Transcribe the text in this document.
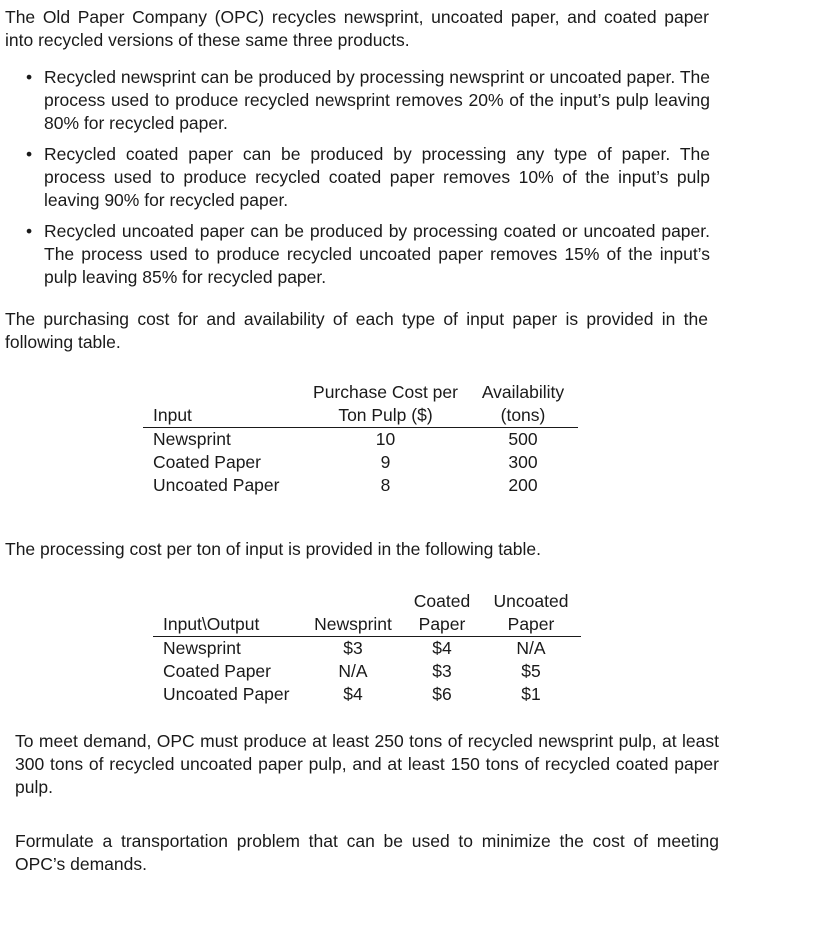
The Old Paper Company (OPC) recycles newsprint, uncoated paper, and coated paper into recycled versions of these same three products.

• Recycled newsprint can be produced by processing newsprint or uncoated paper. The process used to produce recycled newsprint removes 20% of the input’s pulp leaving 80% for recycled paper.
• Recycled coated paper can be produced by processing any type of paper. The process used to produce recycled coated paper removes 10% of the input’s pulp leaving 90% for recycled paper.
• Recycled uncoated paper can be produced by processing coated or uncoated paper. The process used to produce recycled uncoated paper removes 15% of the input’s pulp leaving 85% for recycled paper.

The purchasing cost for and availability of each type of input paper is provided in the following table.

	Purchase Cost per	Availability
Input	Ton Pulp ($)	(tons)
Newsprint	10	500
Coated Paper	9	300
Uncoated Paper	8	200

The processing cost per ton of input is provided in the following table.

		Coated	Uncoated
Input\Output	Newsprint	Paper	Paper
Newsprint	$3	$4	N/A
Coated Paper	N/A	$3	$5
Uncoated Paper	$4	$6	$1

To meet demand, OPC must produce at least 250 tons of recycled newsprint pulp, at least 300 tons of recycled uncoated paper pulp, and at least 150 tons of recycled coated paper pulp.

Formulate a transportation problem that can be used to minimize the cost of meeting OPC’s demands.
